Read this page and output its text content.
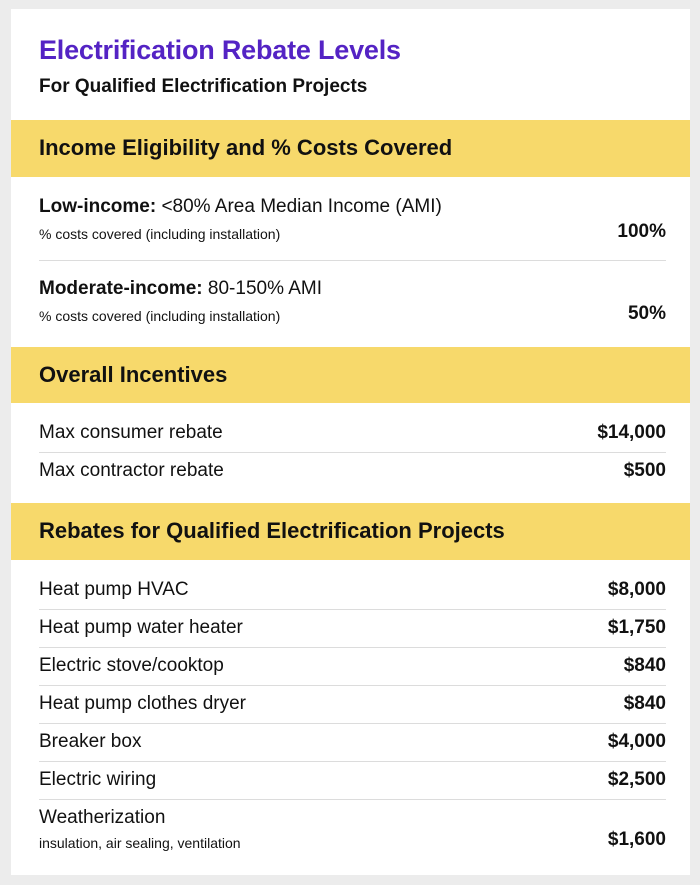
Electrification Rebate Levels
For Qualified Electrification Projects
Income Eligibility and % Costs Covered
Low-income: <80% Area Median Income (AMI)
% costs covered (including installation)	100%
Moderate-income: 80-150% AMI
% costs covered (including installation)	50%
Overall Incentives
Max consumer rebate	$14,000
Max contractor rebate	$500
Rebates for Qualified Electrification Projects
Heat pump HVAC	$8,000
Heat pump water heater	$1,750
Electric stove/cooktop	$840
Heat pump clothes dryer	$840
Breaker box	$4,000
Electric wiring	$2,500
Weatherization
insulation, air sealing, ventilation	$1,600
